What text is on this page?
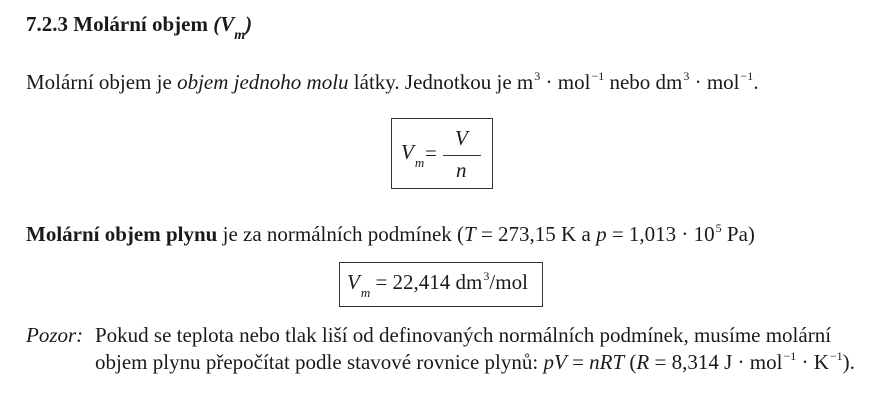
7.2.3 Molární objem $(V_m)$
Molární objem je objem jednoho molu látky. Jednotkou je $m^3 \cdot mol^{-1}$ nebo $dm^3 \cdot mol^{-1}$.
$V_m$ =
V
n
Molární objem plynu je za normálních podmínek (T = 273,15 K a $p = 1,013 \cdot 10^5$ Pa)
$V_m = 22,414$ $dm^3$/mol
Pozor: Pokud se teplota nebo tlak liší od definovaných normálních podmínek, musíme molární
objem plynu přepočítat podle stavové rovnice plynů: pV = nRT (R = 8,314 $J \cdot mol^{-1} \cdot K^{-1}$).
